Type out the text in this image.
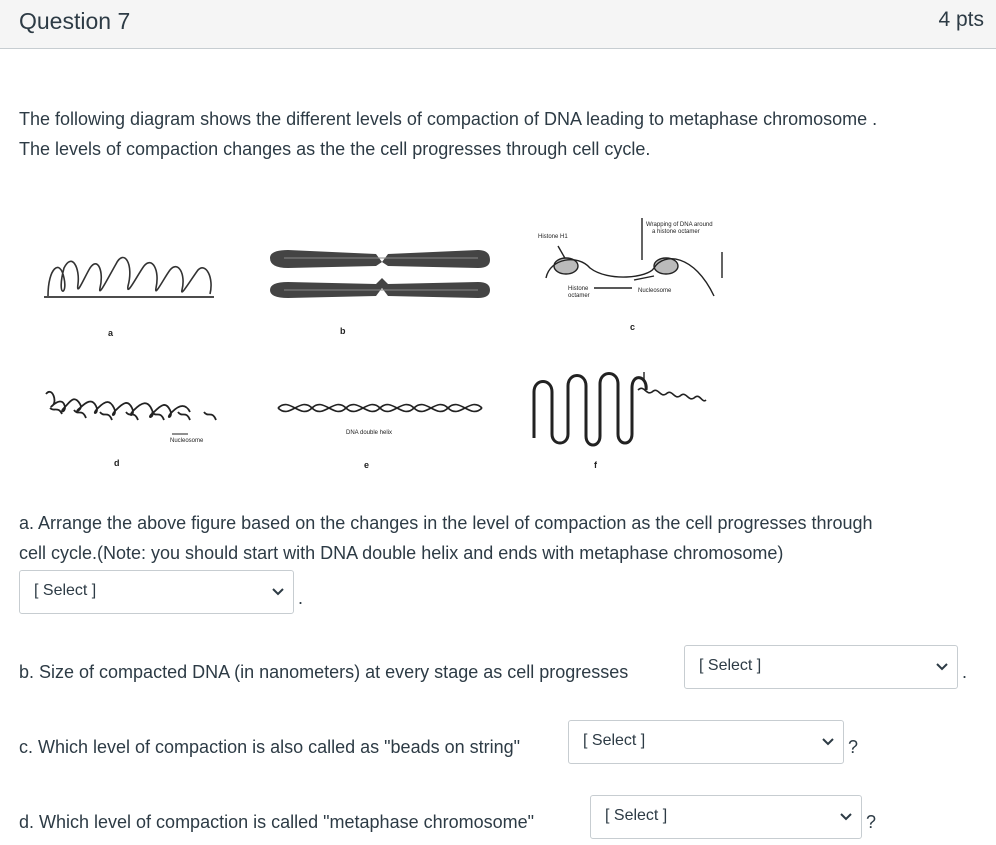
Question 7	4 pts
The following diagram shows the different levels of compaction of DNA leading to metaphase chromosome .
The levels of compaction changes as the the cell progresses through cell cycle.
a	b	c
d	e	f
Histone H1
Wrapping of DNA around
a histone octamer
Histone
octamer
Nucleosome
Nucleosome
DNA double helix
a. Arrange the above figure based on the changes in the level of compaction as the cell progresses through
cell cycle.(Note: you should start with DNA double helix and ends with metaphase chromosome)
[ Select ]	.
b. Size of compacted DNA (in nanometers) at every stage as cell progresses	[ Select ]	.
c. Which level of compaction is also called as "beads on string"	[ Select ]	?
d. Which level of compaction is called "metaphase chromosome"	[ Select ]	?
